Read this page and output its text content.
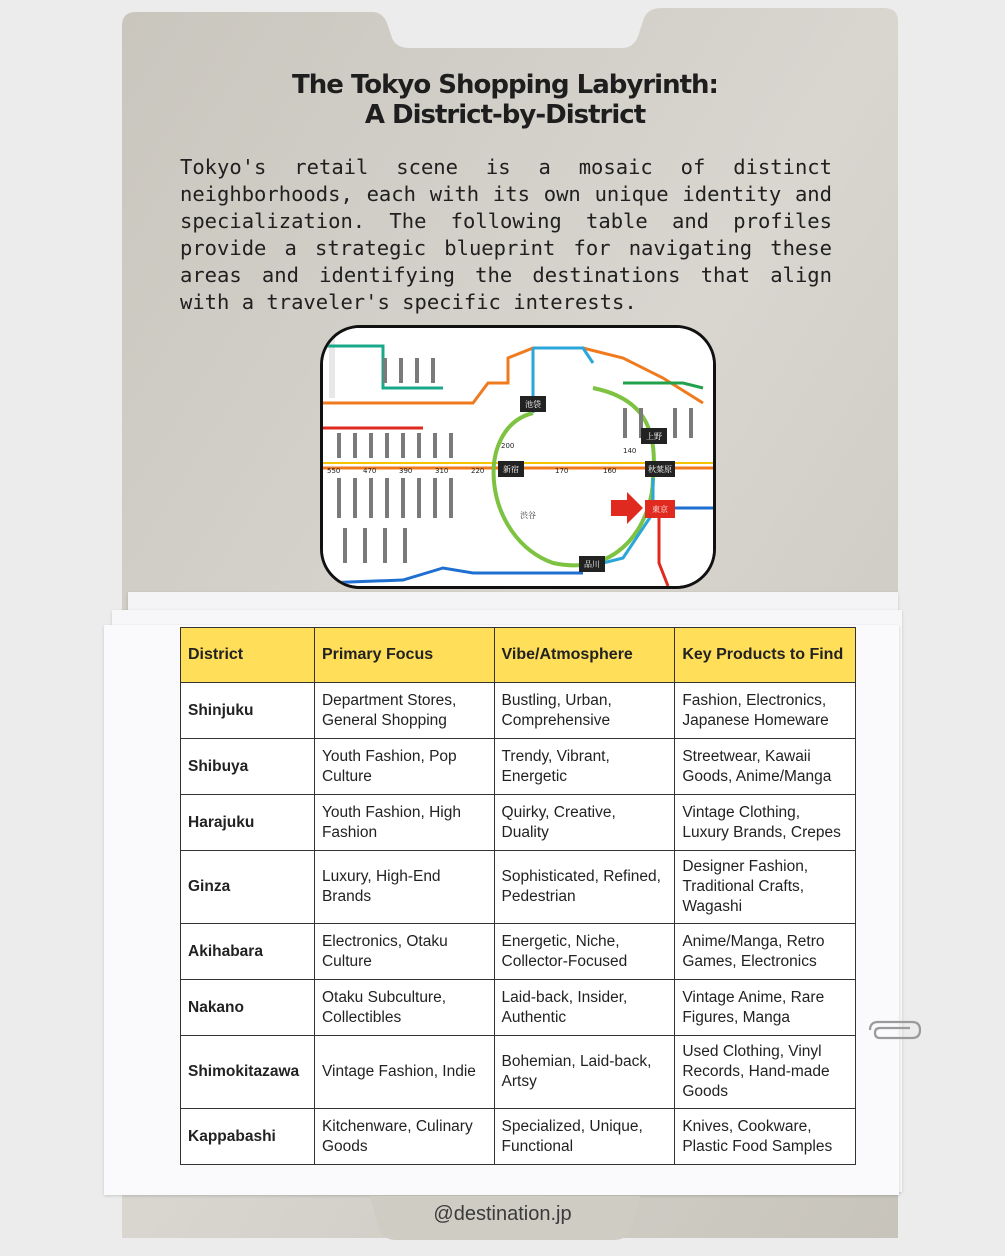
The Tokyo Shopping Labyrinth:
A District-by-District
Tokyo's retail scene is a mosaic of distinct neighborhoods, each with its own unique identity and specialization. The following table and profiles provide a strategic blueprint for navigating these areas and identifying the destinations that align with a traveler's specific interests.
池袋
上野
新宿	秋葉原
東京
品川
渋谷
550	470	390	310	220
200
170	160
140
District	Primary Focus	Vibe/Atmosphere	Key Products to Find
Shinjuku	Department Stores, General Shopping	Bustling, Urban, Comprehensive	Fashion, Electronics, Japanese Homeware
Shibuya	Youth Fashion, Pop Culture	Trendy, Vibrant, Energetic	Streetwear, Kawaii Goods, Anime/Manga
Harajuku	Youth Fashion, High Fashion	Quirky, Creative, Duality	Vintage Clothing, Luxury Brands, Crepes
Ginza	Luxury, High-End Brands	Sophisticated, Refined, Pedestrian	Designer Fashion, Traditional Crafts, Wagashi
Akihabara	Electronics, Otaku Culture	Energetic, Niche, Collector-Focused	Anime/Manga, Retro Games, Electronics
Nakano	Otaku Subculture, Collectibles	Laid-back, Insider, Authentic	Vintage Anime, Rare Figures, Manga
Shimokitazawa	Vintage Fashion, Indie	Bohemian, Laid-back, Artsy	Used Clothing, Vinyl Records, Hand-made Goods
Kappabashi	Kitchenware, Culinary Goods	Specialized, Unique, Functional	Knives, Cookware, Plastic Food Samples
@destination.jp
